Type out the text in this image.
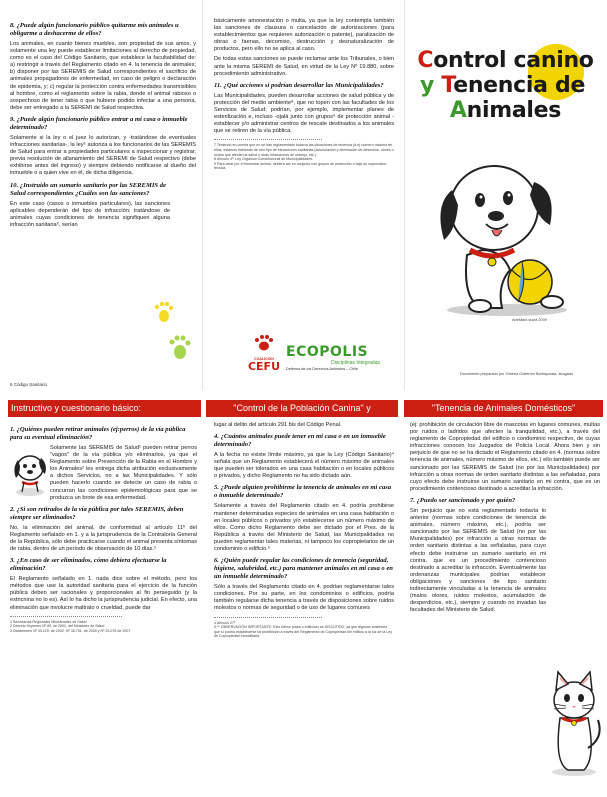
8. ¿Puede algún funcionario público quitarme mis animales u obligarme a deshacerme de ellos?
Los animales, en cuanto bienes muebles, son propiedad de sus amos, y solamente una ley puede establecer limitaciones al derecho de propiedad, como es el caso del Código Sanitario, que establece la facultabilidad de: a) restringir a través del Reglamento citado en 4. la tenencia de animales; b) disponer por las SEREMIS de Salud correspondientes el sacrificio de animales propagadores de enfermedad, en caso de peligro o declaración de epidemia, y; c) regular la protección contra enfermedades transmisibles al hombre, como el reglamento sobre la rabia, donde el animal rabioso o sospechoso de tener rabia o que hubiere podido infectar a una persona, debe ser entregado a la SEREMI de Salud respectiva.
9. ¿Puede algún funcionario público entrar a mi casa o inmueble determinado?
Solamente si la ley o el juez lo autorizan, y -tratándose de eventuales infracciones sanitarias-, la ley⁵ autoriza a los funcionarios de las SEREMIS de Salud para entrar a propiedades particulares a inspeccionar y registrar, previa resolución de allanamiento del SEREMI de Salud respectivo (debe exhibirse antes del ingreso) y siempre debiendo notificarse al dueño del inmueble o a quien vive en él, de dicha diligencia.
10. ¿Instruido un sumario sanitario por las SEREMIS de Salud correspondientes ¿Cuáles son las sanciones?
En este caso (casos o inmuebles particulares), las sanciones aplicables dependerán del tipo de infracción; tratándose de animales cuyas condiciones de tenencia signifiquen alguna infracción sanitaria⁶, serían
6 Código Sanitario
básicamente amonestación o multa, ya que la ley contempla también las sanciones de clausura o cancelación de autorizaciones (para establecimientos que requieren autorización o patente), paralización de obras o faenas, decomiso, destrucción y desnaturalización de productos, pero ello no se aplica al caso.
De todas estas sanciones se puede reclamar ante los Tribunales, o bien ante la misma SEREMI de Salud, en virtud de la Ley Nº 19.880, sobre procedimiento administrativo.
11. ¿Qué acciones sí podrían desarrollar las Municipalidades?
Las Municipalidades, pueden desarrollar acciones de salud pública y de protección del medio ambiente⁸, que no topen con las facultades de los Servicios de Salud; podrían, por ejemplo, implementar planes de esterilización e, incluso -ojalá junto con grupos⁹ de protección animal - establecer y/o administrar centros de rescate destinados a los animales que se retiren de la vía pública.
7 Teniendo en cuenta que no se han reglamentado todavía las situaciones de tenencia (d.e) número máximo de ellos, estamos hablando de otro tipo de infracciones sanitarias (acumulación y eliminación de desechos, olores o ruidos que afecten la salud u otras infracciones de manejo, etc.)
8 Artículo 4º. Ley Orgánica Constitucional de Municipalidades.
9 Para velar por el bienestar animal, debiera ser en conjunto con grupos de protección o bajo su supervisión técnica.
COALICIÓN
CEFU
ECOPOLIS
Disciplinas Integradas
Defensa de los Derechos Animales – Chile
Control canino
y Tenencia de
Animales
ArteMark suiza 2009
Documento preparado por Ximena Gutiérrez Barbayolata, abogado
Instructivo y cuestionario básico:	"Control de la Población Canina" y	"Tenencia de Animales Domésticos"
1. ¿Quiénes pueden retirar animales (ej:perros) de la vía pública para su eventual eliminación?
Solamente las SEREMIS de Salud¹ pueden retirar perros "vagos" de la vía pública y/o eliminarlos, ya que el Reglamento sobre Prevención de la Rabia en el Hombre y los Animales² les entrega dicha atribución exclusivamente a dichos Servicios, no a las Municipalidades. Y sólo pueden hacerlo cuando se detecte un caso de rabia o concurran las condiciones epidemiológicas para que se produzca un brote de esa enfermedad.
2. ¿Si son retirados de la vía pública por tales SEREMIS, deben siempre ser eliminados?
No, la eliminación del animal, de conformidad al artículo 11º del Reglamento señalado en 1. y a la jurisprudencia de la Contraloría General de la República, sólo debe practicarse cuando el animal presenta síntomas de rabia, dentro de un período de observación de 10 días.³
3. ¿En caso de ser eliminados, cómo debiera efectuarse la eliminación?
El Reglamento señalado en 1. nada dice sobre el método, pero los métodos que use la autoridad sanitaria para el ejercicio de la función pública deben ser racionales y proporcionales al fin perseguido (y la estricnina no lo es). Así lo ha dicho la jurisprudencia judicial. En efecto, una eliminación que involucre maltrato o crueldad, puede dar
1 Secretarías Regionales Ministeriales de Salud
2 Decreto Supremo Nº 89, de 2002, del Ministerio de Salud
3 Dictámenes Nº 33.120, de 2002, Nº 38.751, de 2005 y Nº 23.078 de 2007
lugar al delito del artículo 291 bis del Código Penal.
4. ¿Cuántos animales puede tener en mi casa o en un inmueble determinado?
A la fecha no existe límite máximo, ya que la Ley (Código Sanitario)⁴ señala que un Reglamento establecerá el número máximo de animales que pueden ser tolerados en una casa habitación o en locales públicos o privados, y dicho Reglamento no ha sido dictado aún.
5. ¿Puede alguien prohibirme la tenencia de animales en mi casa o inmueble determinado?
Solamente a través del Reglamento citado en 4. podría prohibirse mantener determinadas especies de animales en una casa habitación o en locales públicos o privados y/o establecerse un número máximo de ellos. Como dicho Reglamento debe ser dictado por el Pres. de la República a través del Ministerio de Salud, las Municipalidades no pueden reglamentar tales materias, ni tampoco los copropietarios de un condominio o edificio.⁵
6. ¿Quién puede regular las condiciones de tenencia (seguridad, higiene, salubridad, etc.) para mantener animales en mi casa o en un inmueble determinado?
Sólo a través del Reglamento citado en 4. podrían reglamentarse tales condiciones. Por su parte, en los condominios o edificios, podría también regularse dicha tenencia a través de disposiciones sobre ruidos molestos o normas de seguridad o de uso de lugares comunes
4 Artículo 27º
5 ** OBSERVACIÓN IMPORTANTE: Esto último (casa o edificios) es DISCUTIDO, ya que algunos sostienen que sí podría establecerse tal prohibición a través del Reglamento de Copropiedad del edificio a la luz de la Ley de Copropiedad Inmobiliaria.
(ej: prohibición de circulación libre de mascotas en lugares comunes, multas por ruidos o ladridos que afecten la tranquilidad, etc.), a través del reglamento de Copropiedad del edificio o condominio respectivo, de cuyas infracciones conocen los Juzgados de Policía Local. Ahora bien y sin perjuicio de que no se ha dictado el Reglamento citado en 4. (normas sobre tenencia de animales, número máximo de ellos, etc.) ello también puede ser sancionado por las SEREMIS de Salud (no por las Municipalidades) por infracción a otras normas de orden sanitario distintas a las señaladas, para cuyo efecto debe instruirse un sumario sanitario en mi contra, que es un procedimiento contencioso destinado a acreditar la infracción.
7. ¿Puedo ser sancionado y por quién?
Sin perjuicio que no está reglamentado todavía lo anterior (normas sobre condiciones de tenencia de animales, número máximo, etc.), podría ser sancionado por las SEREMIS de Salud (no por las Municipalidades) por infracción a otras normas de orden sanitario distintas a las señaladas, para cuyo efecto debe instruirse un sumario sanitario en mi contra, que es un procedimiento contencioso destinado a acreditar la infracción. Eventualmente las ordenanzas municipales podrían establecer obligaciones y sanciones de tipo sanitario indirectamente vinculadas a la tenencia de animales (malos olores, ruidos molestos, acumulación de desperdicios, etc.), siempre y cuando no invadan las facultades del Ministerio de Salud.
